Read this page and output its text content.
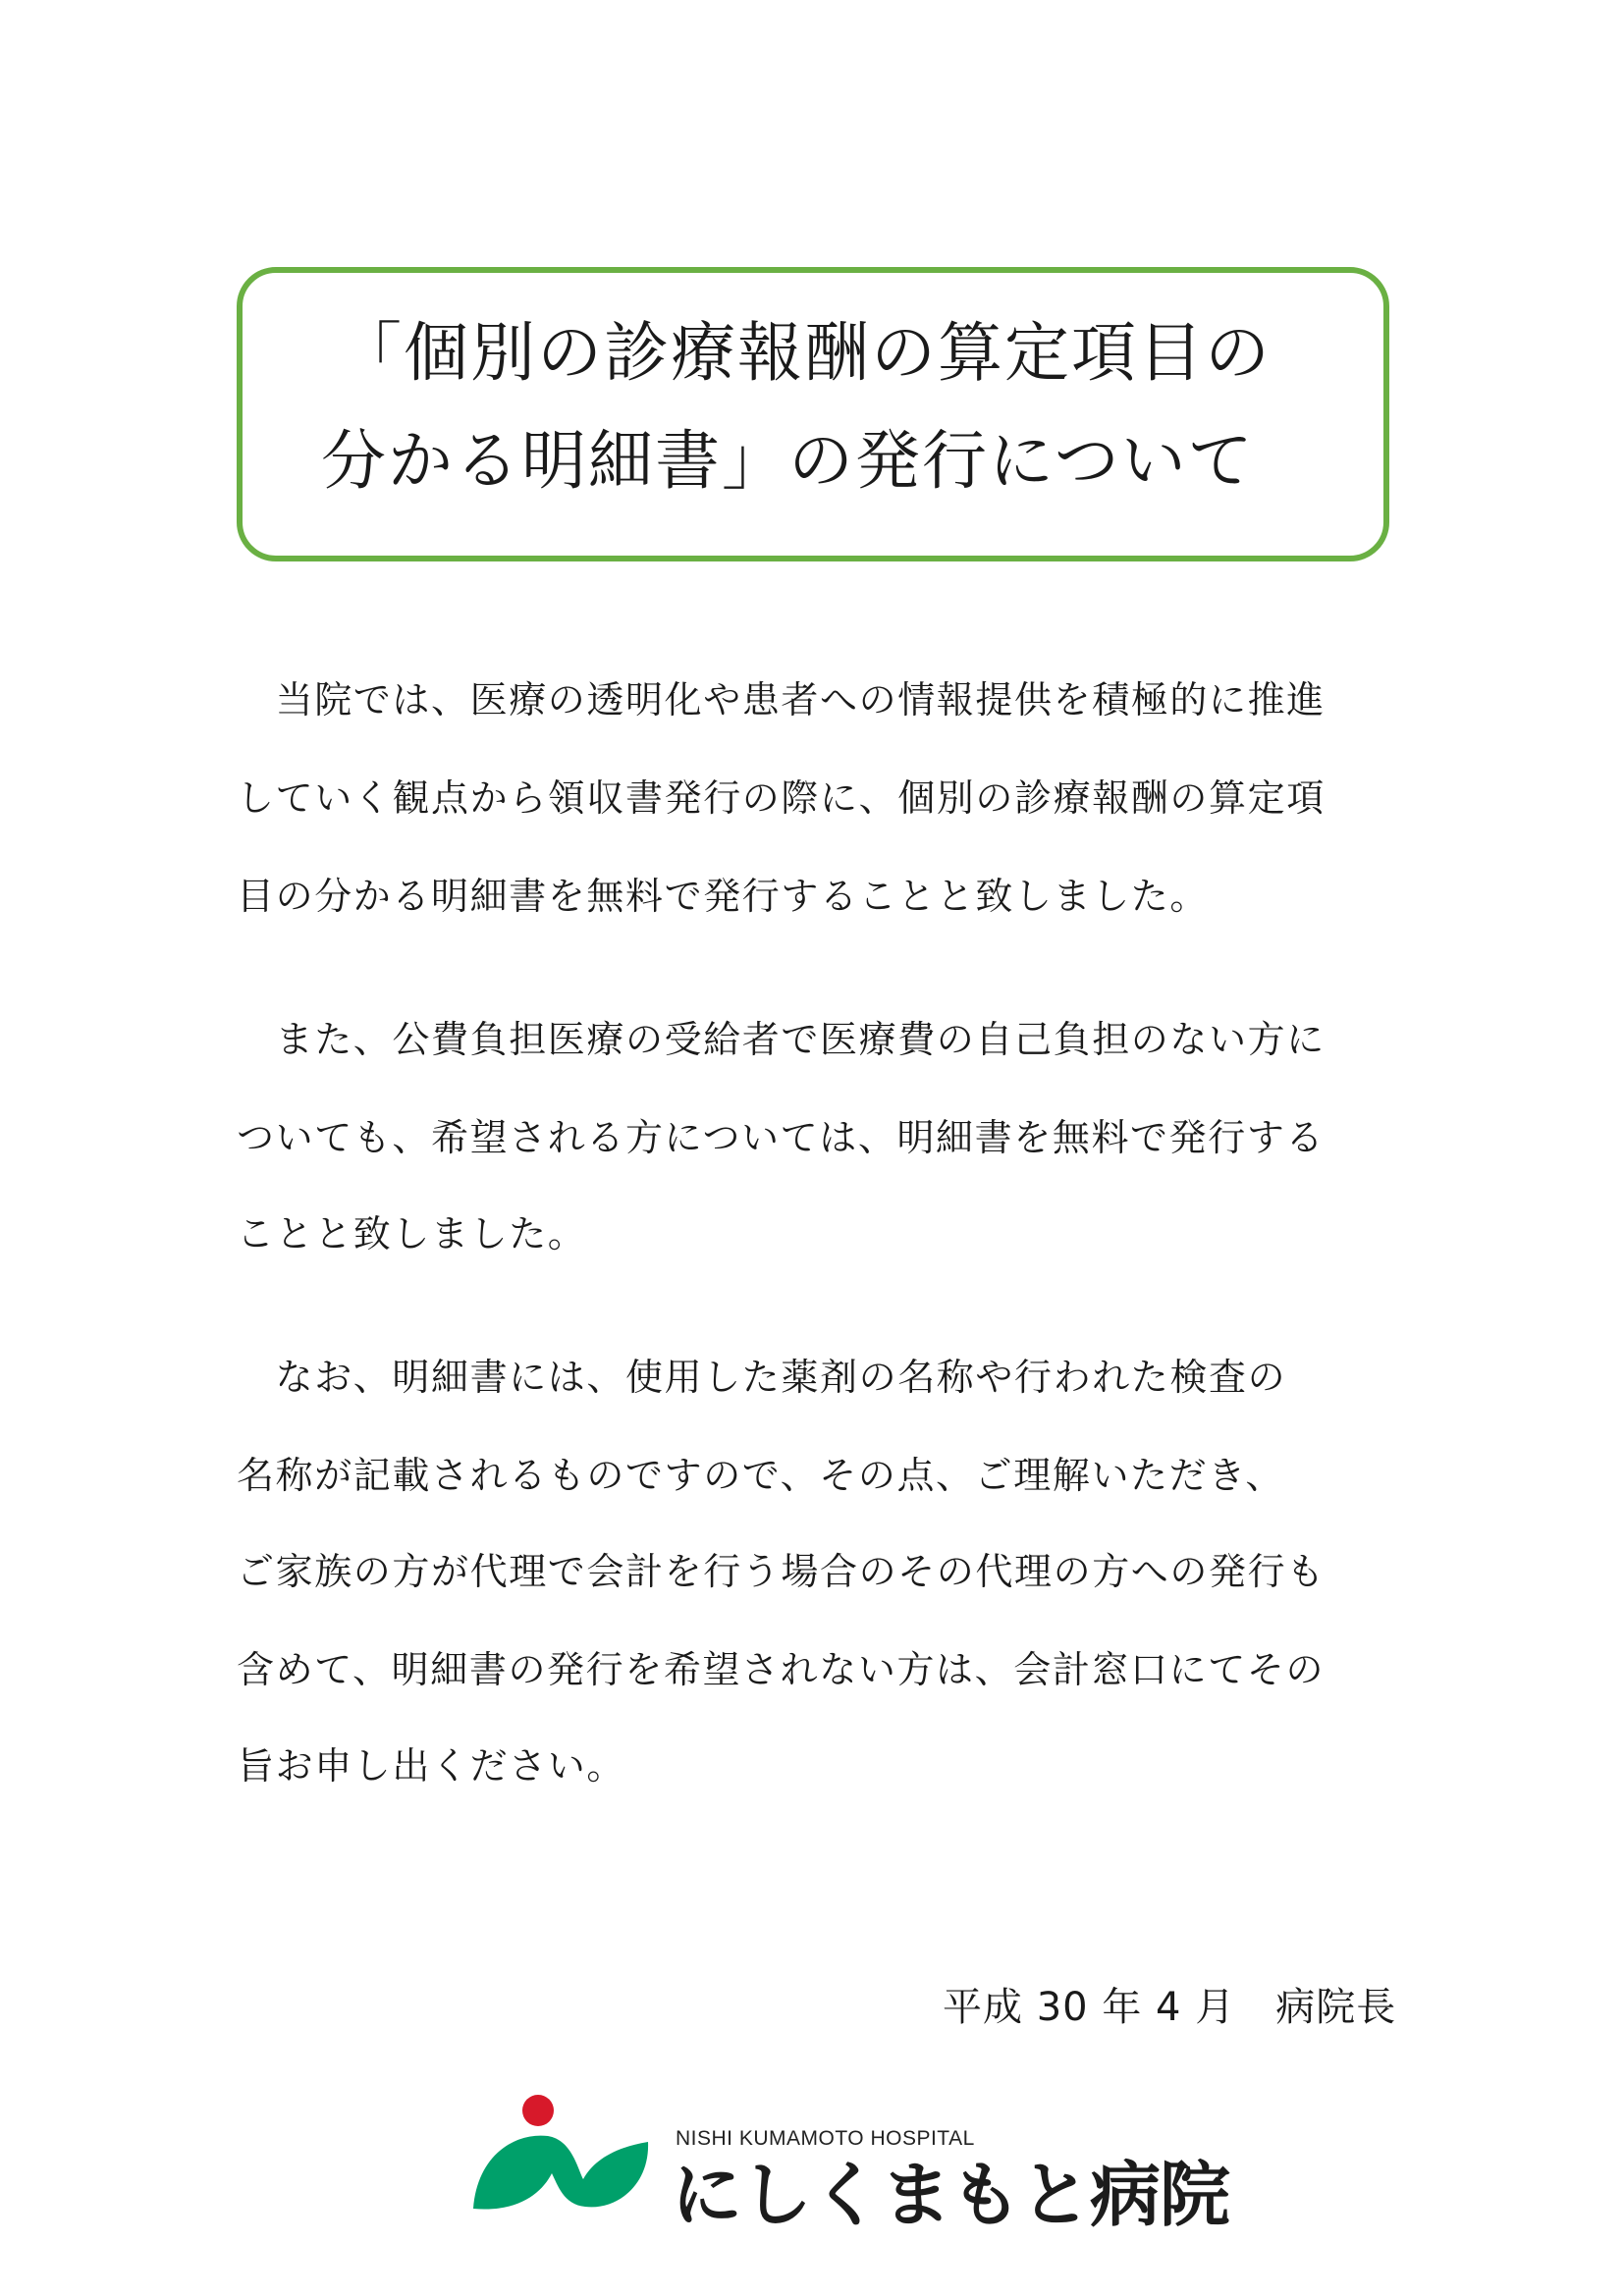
「個別の診療報酬の算定項目の
分かる明細書」の発行について
　当院では、医療の透明化や患者への情報提供を積極的に推進
していく観点から領収書発行の際に、個別の診療報酬の算定項
目の分かる明細書を無料で発行することと致しました。
　また、公費負担医療の受給者で医療費の自己負担のない方に
ついても、希望される方については、明細書を無料で発行する
ことと致しました。
　なお、明細書には、使用した薬剤の名称や行われた検査の
名称が記載されるものですので、その点、ご理解いただき、
ご家族の方が代理で会計を行う場合のその代理の方への発行も
含めて、明細書の発行を希望されない方は、会計窓口にてその
旨お申し出ください。
平成 30 年 4 月　病院長
NISHI KUMAMOTO HOSPITAL
にしくまもと病院
